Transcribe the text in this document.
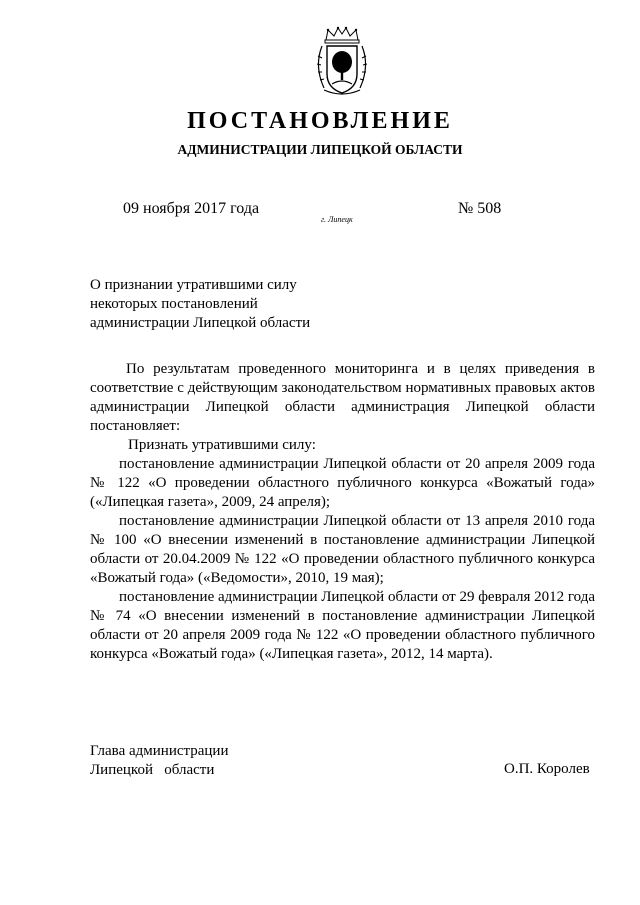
ПОСТАНОВЛЕНИЕ
АДМИНИСТРАЦИИ ЛИПЕЦКОЙ ОБЛАСТИ
09 ноября 2017 года
г. Липецк
№ 508
О признании утратившими силу
некоторых постановлений
администрации Липецкой области

По результатам проведенного мониторинга и в целях приведения в соответствие с действующим законодательством нормативных правовых актов администрации Липецкой области администрация Липецкой области постановляет:

Признать утратившими силу:

постановление администрации Липецкой области от 20 апреля 2009 года № 122 «О проведении областного публичного конкурса «Вожатый года» («Липецкая газета», 2009, 24 апреля);

постановление администрации Липецкой области от 13 апреля 2010 года № 100 «О внесении изменений в постановление администрации Липецкой области от 20.04.2009 № 122 «О проведении областного публичного конкурса «Вожатый года» («Ведомости», 2010, 19 мая);

постановление администрации Липецкой области от 29 февраля 2012 года № 74 «О внесении изменений в постановление администрации Липецкой области от 20 апреля 2009 года № 122 «О проведении областного публичного конкурса «Вожатый года» («Липецкая газета», 2012, 14 марта).

Глава администрации
Липецкой   области	О.П. Королев
